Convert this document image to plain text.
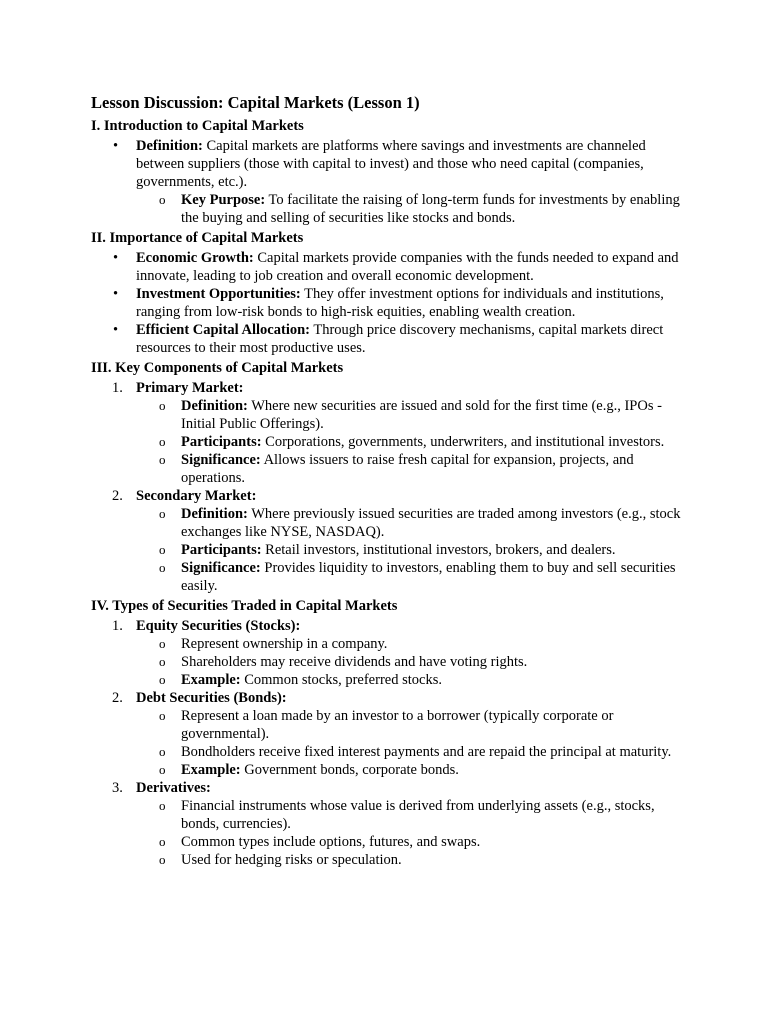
Lesson Discussion: Capital Markets (Lesson 1)
I. Introduction to Capital Markets
• Definition: Capital markets are platforms where savings and investments are channeled between suppliers (those with capital to invest) and those who need capital (companies, governments, etc.).
o Key Purpose: To facilitate the raising of long-term funds for investments by enabling the buying and selling of securities like stocks and bonds.
II. Importance of Capital Markets
• Economic Growth: Capital markets provide companies with the funds needed to expand and innovate, leading to job creation and overall economic development.
• Investment Opportunities: They offer investment options for individuals and institutions, ranging from low-risk bonds to high-risk equities, enabling wealth creation.
• Efficient Capital Allocation: Through price discovery mechanisms, capital markets direct resources to their most productive uses.
III. Key Components of Capital Markets
1. Primary Market:
o Definition: Where new securities are issued and sold for the first time (e.g., IPOs - Initial Public Offerings).
o Participants: Corporations, governments, underwriters, and institutional investors.
o Significance: Allows issuers to raise fresh capital for expansion, projects, and operations.
2. Secondary Market:
o Definition: Where previously issued securities are traded among investors (e.g., stock exchanges like NYSE, NASDAQ).
o Participants: Retail investors, institutional investors, brokers, and dealers.
o Significance: Provides liquidity to investors, enabling them to buy and sell securities easily.
IV. Types of Securities Traded in Capital Markets
1. Equity Securities (Stocks):
o Represent ownership in a company.
o Shareholders may receive dividends and have voting rights.
o Example: Common stocks, preferred stocks.
2. Debt Securities (Bonds):
o Represent a loan made by an investor to a borrower (typically corporate or governmental).
o Bondholders receive fixed interest payments and are repaid the principal at maturity.
o Example: Government bonds, corporate bonds.
3. Derivatives:
o Financial instruments whose value is derived from underlying assets (e.g., stocks, bonds, currencies).
o Common types include options, futures, and swaps.
o Used for hedging risks or speculation.
